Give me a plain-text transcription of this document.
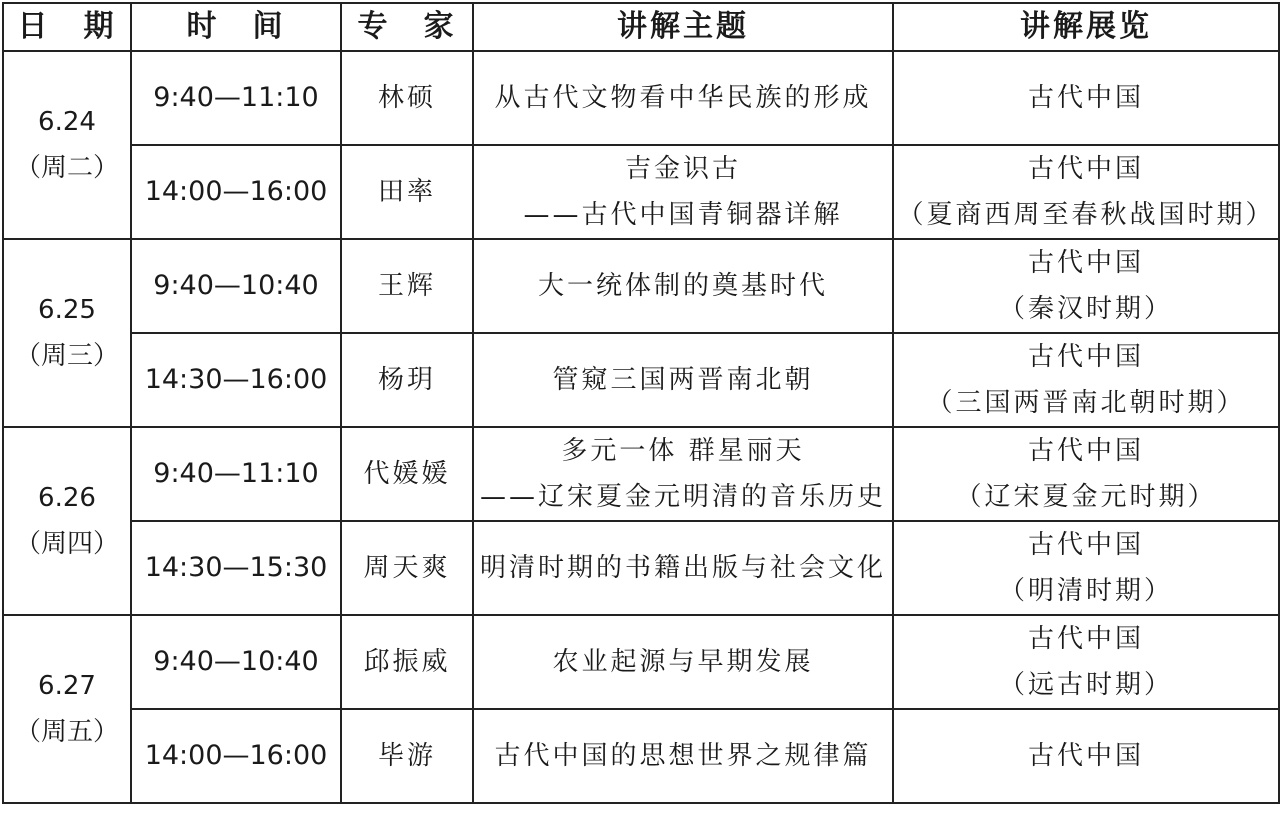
日　期	时　间	专　家	讲解主题	讲解展览

6.24
（周二）	9:40—11:10	林硕	从古代文物看中华民族的形成	古代中国

	14:00—16:00	田率	吉金识古
——古代中国青铜器详解	古代中国
（夏商西周至春秋战国时期）

6.25
（周三）	9:40—10:40	王辉	大一统体制的奠基时代	古代中国
（秦汉时期）

	14:30—16:00	杨玥	管窥三国两晋南北朝	古代中国
（三国两晋南北朝时期）

6.26
（周四）	9:40—11:10	代媛媛	多元一体 群星丽天
——辽宋夏金元明清的音乐历史	古代中国
（辽宋夏金元时期）

	14:30—15:30	周天爽	明清时期的书籍出版与社会文化	古代中国
（明清时期）

6.27
（周五）	9:40—10:40	邱振威	农业起源与早期发展	古代中国
（远古时期）

	14:00—16:00	毕游	古代中国的思想世界之规律篇	古代中国
